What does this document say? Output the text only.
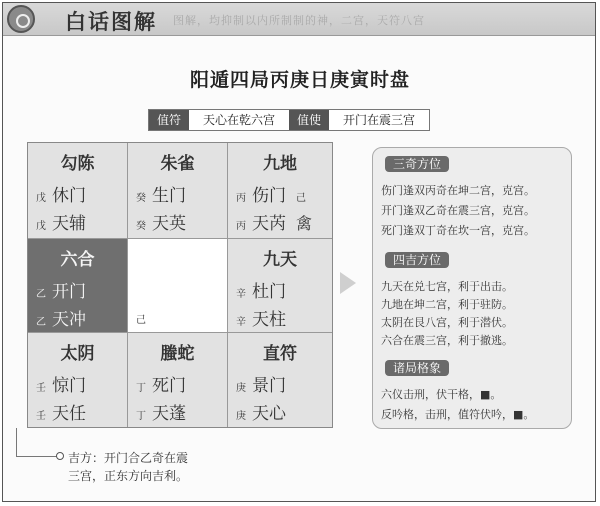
白话图解 图解，均抑制以内所制制的神，二宫，天符八宫
阳遁四局丙庚日庚寅时盘
值符	天心在乾六宫	值使	开门在震三宫
勾陈
戊 休门
戊 天辅
朱雀
癸 生门
癸 天英
九地
丙 伤门 己
丙 天芮 禽
六合
乙 开门
乙 天冲	己
九天
辛 杜门
辛 天柱
太阴
壬 惊门
壬 天任
螣蛇
丁 死门
丁 天蓬
直符
庚 景门
庚 天心
三奇方位
伤门逢双丙奇在坤二宫，克宫。
开门逢双乙奇在震三宫，克宫。
死门逢双丁奇在坎一宫，克宫。
四吉方位
九天在兑七宫，利于出击。
九地在坤二宫，利于驻防。
太阴在艮八宫，利于潜伏。
六合在震三宫，利于撤逃。
诸局格象
六仪击刑，伏干格，■。
反吟格，击刑，值符伏吟，■。
吉方：开门合乙奇在震
三宫，正东方向吉利。
